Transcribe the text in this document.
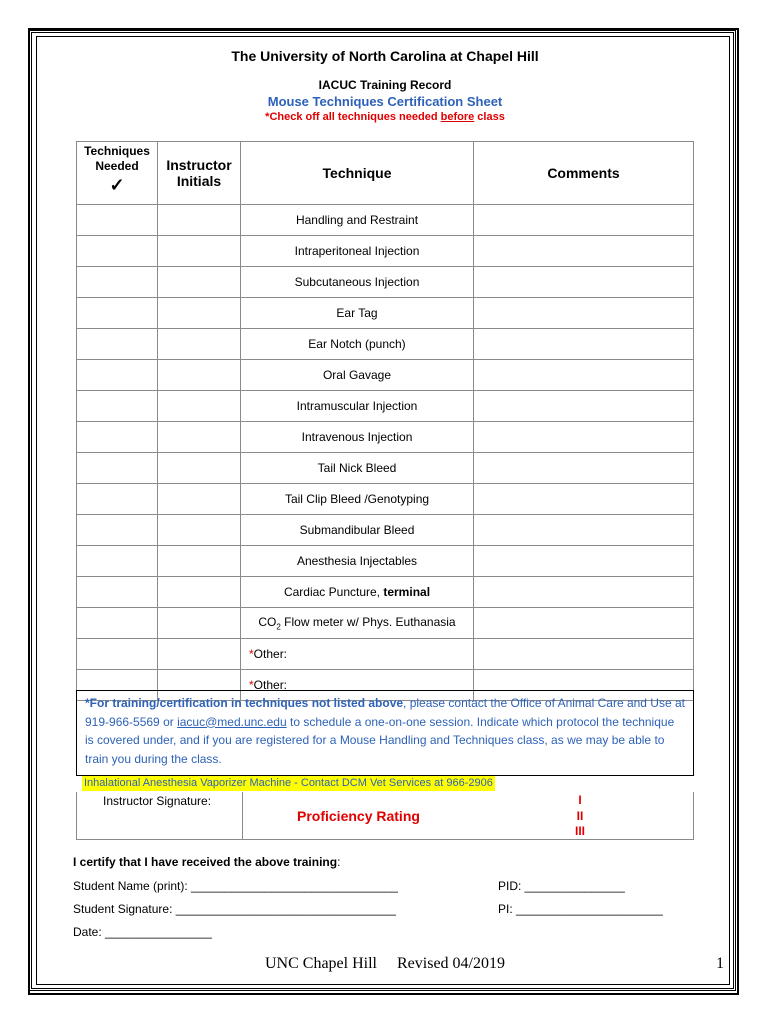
The University of North Carolina at Chapel Hill
IACUC Training Record
Mouse Techniques Certification Sheet
*Check off all techniques needed before class
Techniques Needed
✓	Instructor Initials	Technique	Comments
		Handling and Restraint	
		Intraperitoneal Injection	
		Subcutaneous Injection	
		Ear Tag	
		Ear Notch (punch)	
		Oral Gavage	
		Intramuscular Injection	
		Intravenous Injection	
		Tail Nick Bleed	
		Tail Clip Bleed /Genotyping	
		Submandibular Bleed	
		Anesthesia Injectables	
		Cardiac Puncture, terminal	
		$CO_2$ Flow meter w/ Phys. Euthanasia	
		*Other:	
		*Other:	
*For training/certification in techniques not listed above, please contact the Office of Animal Care and Use at 919-966-5569 or iacuc@med.unc.edu to schedule a one-on-one session. Indicate which protocol the technique is covered under, and if you are registered for a Mouse Handling and Techniques class, as we may be able to train you during the class.
Inhalational Anesthesia Vaporizer Machine - Contact DCM Vet Services at 966-2906
Instructor Signature:
Proficiency Rating
I
II
III
I certify that I have received the above training:
Student Name (print): _______________________________	PID: _______________
Student Signature: _________________________________	PI: ______________________
Date: ________________
UNC Chapel Hill     Revised 04/2019	1
